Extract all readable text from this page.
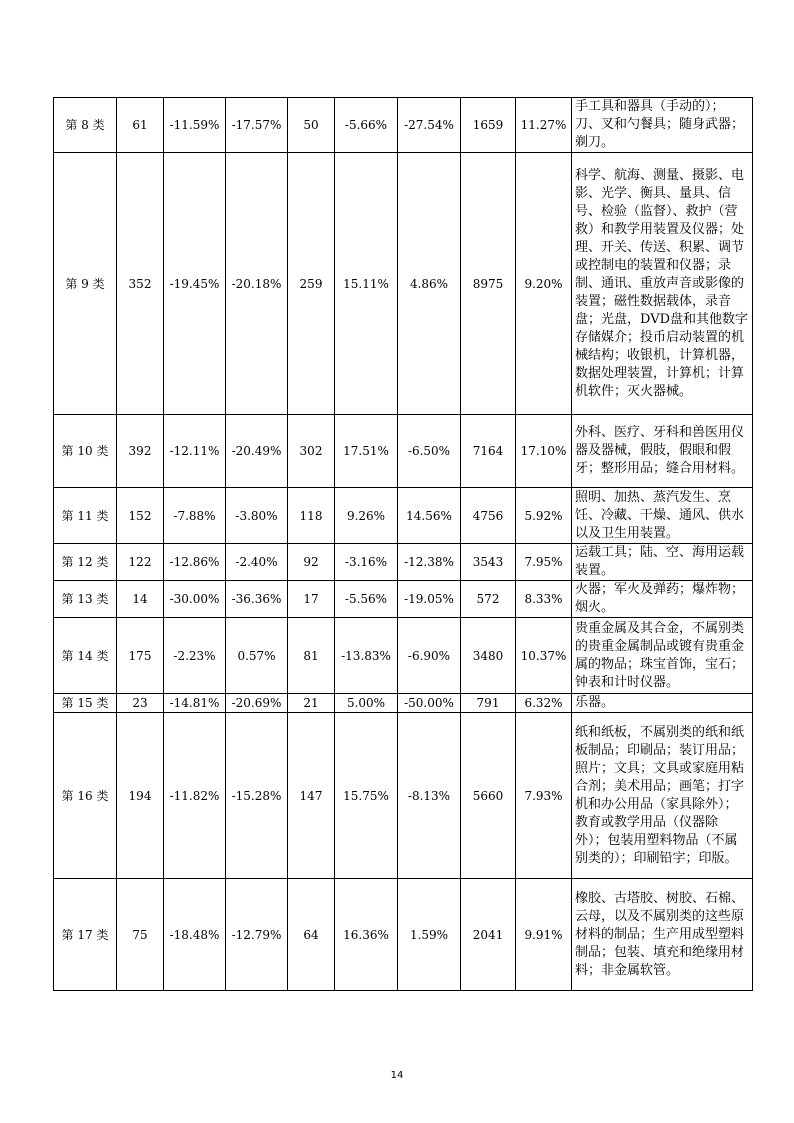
第 8 类	61	-11.59%	-17.57%	50	-5.66%	-27.54%	1659	11.27%	手工具和器具（手动的）；刀、叉和勺餐具；随身武器；剃刀。
第 9 类	352	-19.45%	-20.18%	259	15.11%	4.86%	8975	9.20%	科学、航海、测量、摄影、电影、光学、衡具、量具、信号、检验（监督）、救护（营救）和教学用装置及仪器；处理、开关、传送、积累、调节或控制电的装置和仪器；录制、通讯、重放声音或影像的装置；磁性数据载体，录音盘；光盘，DVD盘和其他数字存储媒介；投币启动装置的机械结构；收银机，计算机器，数据处理装置，计算机；计算机软件；灭火器械。
第 10 类	392	-12.11%	-20.49%	302	17.51%	-6.50%	7164	17.10%	外科、医疗、牙科和兽医用仪器及器械，假肢，假眼和假牙；整形用品；缝合用材料。
第 11 类	152	-7.88%	-3.80%	118	9.26%	14.56%	4756	5.92%	照明、加热、蒸汽发生、烹饪、冷藏、干燥、通风、供水以及卫生用装置。
第 12 类	122	-12.86%	-2.40%	92	-3.16%	-12.38%	3543	7.95%	运载工具；陆、空、海用运载装置。
第 13 类	14	-30.00%	-36.36%	17	-5.56%	-19.05%	572	8.33%	火器；军火及弹药；爆炸物；烟火。
第 14 类	175	-2.23%	0.57%	81	-13.83%	-6.90%	3480	10.37%	贵重金属及其合金，不属别类的贵重金属制品或镀有贵重金属的物品；珠宝首饰，宝石；钟表和计时仪器。
第 15 类	23	-14.81%	-20.69%	21	5.00%	-50.00%	791	6.32%	乐器。
第 16 类	194	-11.82%	-15.28%	147	15.75%	-8.13%	5660	7.93%	纸和纸板，不属别类的纸和纸板制品；印刷品；装订用品；照片；文具；文具或家庭用粘合剂；美术用品；画笔；打字机和办公用品（家具除外）；教育或教学用品（仪器除外）；包装用塑料物品（不属别类的）；印刷铅字；印版。
第 17 类	75	-18.48%	-12.79%	64	16.36%	1.59%	2041	9.91%	橡胶、古塔胶、树胶、石棉、云母，以及不属别类的这些原材料的制品；生产用成型塑料制品；包装、填充和绝缘用材料；非金属软管。
14
